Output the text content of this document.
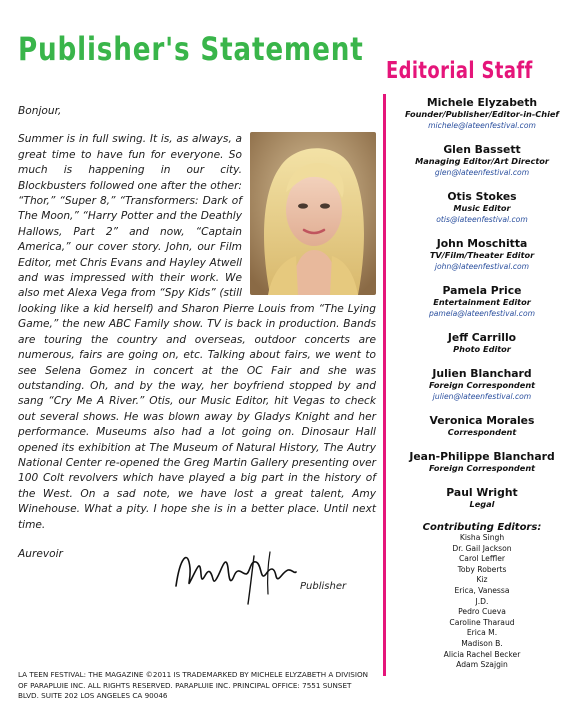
Publisher's Statement
Editorial Staff

Bonjour,

Summer is in full swing. It is, as always, a great time to have fun for everyone. So much is happening in our city. Blockbusters followed one after the other: “Thor,” “Super 8,” “Transformers: Dark of The Moon,” “Harry Potter and the Deathly Hallows, Part 2” and now, “Captain America,” our cover story. John, our Film Editor, met Chris Evans and Hayley Atwell and was impressed with their work. We also met Alexa Vega from “Spy Kids” (still looking like a kid herself) and Sharon Pierre Louis from “The Lying Game,” the new ABC Family show. TV is back in production. Bands are touring the country and overseas, outdoor concerts are numerous, fairs are going on, etc. Talking about fairs, we went to see Selena Gomez in concert at the OC Fair and she was outstanding. Oh, and by the way, her boyfriend stopped by and sang “Cry Me A River.” Otis, our Music Editor, hit Vegas to check out several shows. He was blown away by Gladys Knight and her performance. Museums also had a lot going on. Dinosaur Hall opened its exhibition at The Museum of Natural History, The Autry National Center re-opened the Greg Martin Gallery presenting over 100 Colt revolvers which have played a big part in the history of the West. On a sad note, we have lost a great talent, Amy Winehouse. What a pity. I hope she is in a better place. Until next time.

Aurevoir

Publisher
LA TEEN FESTIVAL: THE MAGAZINE ©2011 IS TRADEMARKED BY MICHELE ELYZABETH A DIVISION OF PARAPLUIE INC. ALL RIGHTS RESERVED. PARAPLUIE INC. PRINCIPAL OFFICE: 7551 SUNSET BLVD. SUITE 202 LOS ANGELES CA 90046
Michele Elyzabeth
Founder/Publisher/Editor-in-Chief
michele@lateenfestival.com
Glen Bassett
Managing Editor/Art Director
glen@lateenfestival.com
Otis Stokes
Music Editor
otis@lateenfestival.com
John Moschitta
TV/Film/Theater Editor
john@lateenfestival.com
Pamela Price
Entertainment Editor
pamela@lateenfestival.com
Jeff Carrillo
Photo Editor
Julien Blanchard
Foreign Correspondent
julien@lateenfestival.com
Veronica Morales
Correspondent
Jean-Philippe Blanchard
Foreign Correspondent
Paul Wright
Legal
Contributing Editors:
Kisha Singh
Dr. Gail Jackson
Carol Leffler
Toby Roberts
Kiz
Erica, Vanessa
J.D.
Pedro Cueva
Caroline Tharaud
Erica M.
Madison B.
Alicia Rachel Becker
Adam Szajgin
